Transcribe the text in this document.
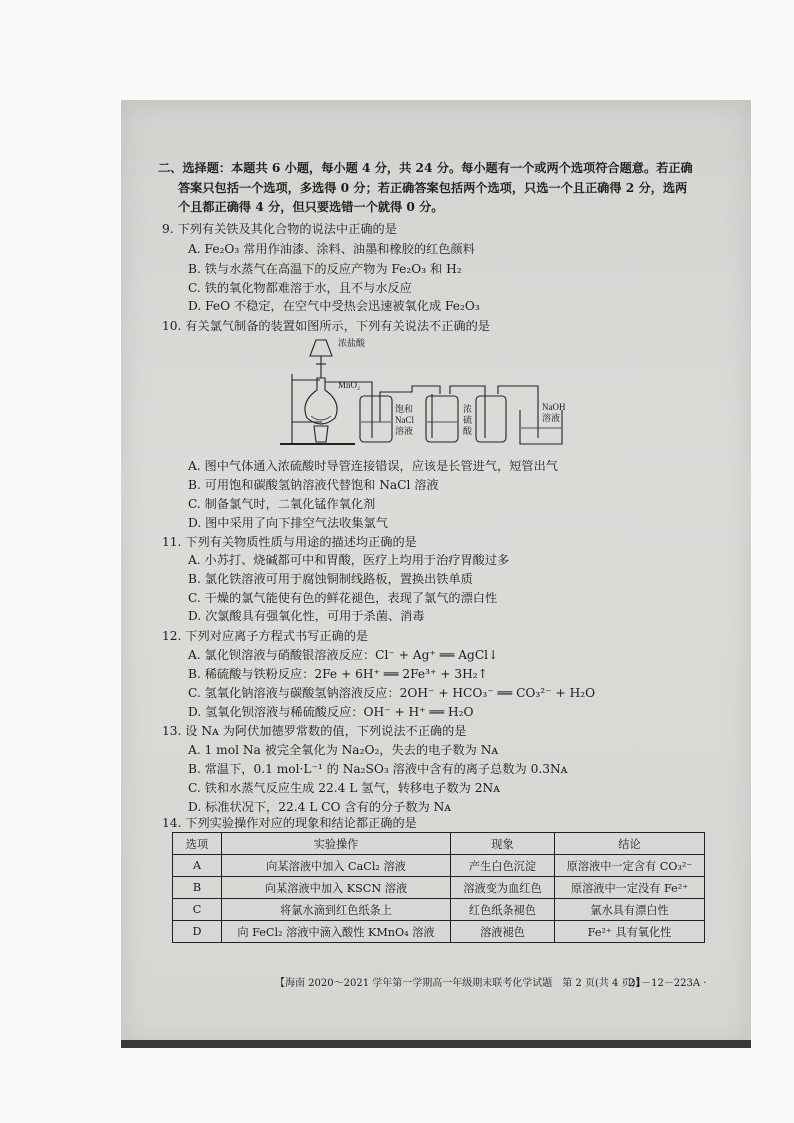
二、选择题：本题共 6 小题，每小题 4 分，共 24 分。每小题有一个或两个选项符合题意。若正确
答案只包括一个选项，多选得 0 分；若正确答案包括两个选项，只选一个且正确得 2 分，选两
个且都正确得 4 分，但只要选错一个就得 0 分。
9. 下列有关铁及其化合物的说法中正确的是
A. Fe₂O₃ 常用作油漆、涂料、油墨和橡胶的红色颜料
B. 铁与水蒸气在高温下的反应产物为 Fe₂O₃ 和 H₂
C. 铁的氧化物都难溶于水，且不与水反应
D. FeO 不稳定，在空气中受热会迅速被氧化成 Fe₂O₃
10. 有关氯气制备的装置如图所示，下列有关说法不正确的是
浓盐酸
MnO₂
饱和
NaCl
溶液
浓
硫
酸
NaOH
溶液
A. 图中气体通入浓硫酸时导管连接错误，应该是长管进气，短管出气
B. 可用饱和碳酸氢钠溶液代替饱和 NaCl 溶液
C. 制备氯气时，二氧化锰作氧化剂
D. 图中采用了向下排空气法收集氯气
11. 下列有关物质性质与用途的描述均正确的是
A. 小苏打、烧碱都可中和胃酸，医疗上均用于治疗胃酸过多
B. 氯化铁溶液可用于腐蚀铜制线路板，置换出铁单质
C. 干燥的氯气能使有色的鲜花褪色，表现了氯气的漂白性
D. 次氯酸具有强氧化性，可用于杀菌、消毒
12. 下列对应离子方程式书写正确的是
A. 氯化钡溶液与硝酸银溶液反应：Cl⁻ + Ag⁺ ══ AgCl↓
B. 稀硫酸与铁粉反应：2Fe + 6H⁺ ══ 2Fe³⁺ + 3H₂↑
C. 氢氧化钠溶液与碳酸氢钠溶液反应：2OH⁻ + HCO₃⁻ ══ CO₃²⁻ + H₂O
D. 氢氧化钡溶液与稀硫酸反应：OH⁻ + H⁺ ══ H₂O
13. 设 Nᴀ 为阿伏加德罗常数的值，下列说法不正确的是
A. 1 mol Na 被完全氧化为 Na₂O₂，失去的电子数为 Nᴀ
B. 常温下，0.1 mol·L⁻¹ 的 Na₂SO₃ 溶液中含有的离子总数为 0.3Nᴀ
C. 铁和水蒸气反应生成 22.4 L 氢气，转移电子数为 2Nᴀ
D. 标准状况下，22.4 L CO 含有的分子数为 Nᴀ
14. 下列实验操作对应的现象和结论都正确的是
选项	实验操作	现象	结论
A	向某溶液中加入 CaCl₂ 溶液	产生白色沉淀	原溶液中一定含有 CO₃²⁻
B	向某溶液中加入 KSCN 溶液	溶液变为血红色	原溶液中一定没有 Fe²⁺
C	将氯水滴到红色纸条上	红色纸条褪色	氯水具有漂白性
D	向 FeCl₂ 溶液中滴入酸性 KMnO₄ 溶液	溶液褪色	Fe²⁺ 具有氧化性
【海南 2020～2021 学年第一学期高一年级期末联考化学试题　第 2 页(共 4 页)】
· 21－12－223A ·
